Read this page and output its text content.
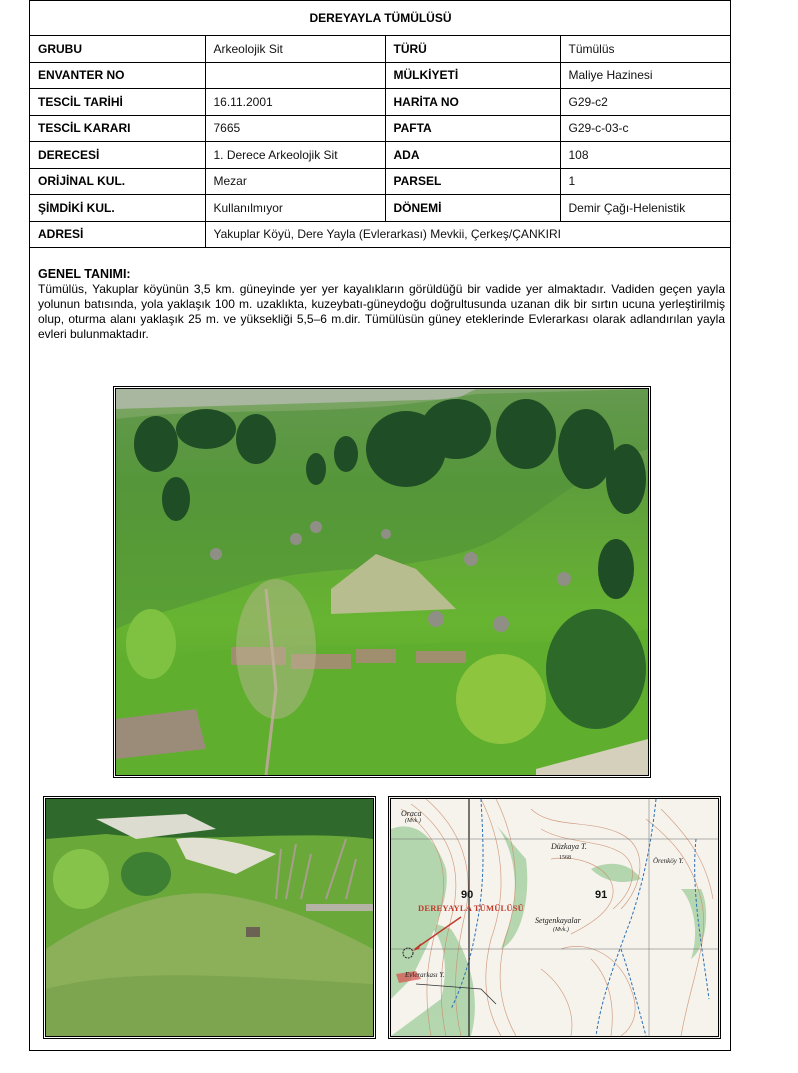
DEREYAYLA TÜMÜLÜSÜ			
GRUBU	Arkeolojik Sit	TÜRÜ	Tümülüs
ENVANTER NO		MÜLKİYETİ	Maliye Hazinesi
TESCİL TARİHİ	16.11.2001	HARİTA NO	G29-c2
TESCİL KARARI	7665	PAFTA	G29-c-03-c
DERECESİ	1. Derece Arkeolojik Sit	ADA	108
ORİJİNAL KUL.	Mezar	PARSEL	1
ŞİMDİKİ KUL.	Kullanılmıyor	DÖNEMİ	Demir Çağı-Helenistik
ADRESİ	Yakuplar Köyü, Dere Yayla (Evlerarkası) Mevkii, Çerkeş/ÇANKIRI		
GENEL TANIMI:

Tümülüs, Yakuplar köyünün 3,5 km. güneyinde yer yer kayalıkların görüldüğü bir vadide yer almaktadır. Vadiden geçen yayla yolunun batısında, yola yaklaşık 100 m. uzaklıkta, kuzeybatı-güneydoğu doğrultusunda uzanan dik bir sırtın ucuna yerleştirilmiş olup, oturma alanı yaklaşık 25 m. ve yüksekliği 5,5–6 m.dir. Tümülüsün güney eteklerinde Evlerarkası olarak adlandırılan yayla evleri bulunmaktadır.

Oraca
(Mvk.)
Düzkaya T.
1568	Örenköy Y.
Setgenkayalar
(Mvk.)
Evlerarkası Y.
90	91
DEREYAYLA TÜMÜLÜSÜ
